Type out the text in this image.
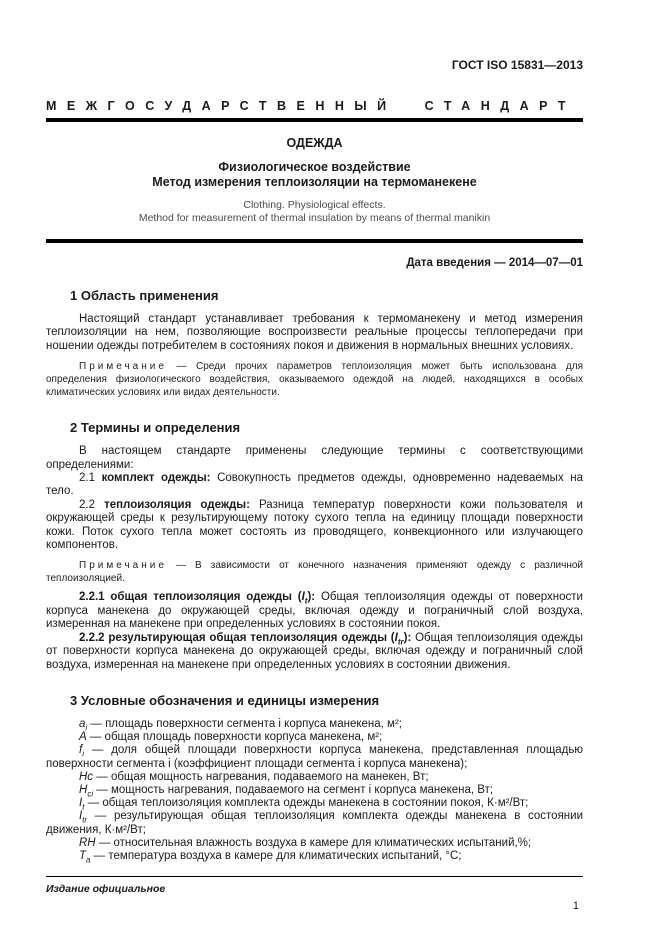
ГОСТ ISO 15831—2013
МЕЖГОСУДАРСТВЕННЫЙ СТАНДАРТ
ОДЕЖДА
Физиологическое воздействие
Метод измерения теплоизоляции на термоманекене
Clothing. Physiological effects.
Method for measurement of thermal insulation by means of thermal manikin
Дата введения — 2014—07—01
1 Область применения

Настоящий стандарт устанавливает требования к термоманекену и метод измерения теплоизоляции на нем, позволяющие воспроизвести реальные процессы теплопередачи при ношении одежды потребителем в состояниях покоя и движения в нормальных внешних условиях.

Примечание — Среди прочих параметров теплоизоляция может быть использована для определения физиологического воздействия, оказываемого одеждой на людей, находящихся в особых климатических условиях или видах деятельности.

2 Термины и определения

В настоящем стандарте применены следующие термины с соответствующими определениями:

2.1 комплект одежды: Совокупность предметов одежды, одновременно надеваемых на тело.

2.2 теплоизоляция одежды: Разница температур поверхности кожи пользователя и окружающей среды к результирующему потоку сухого тепла на единицу площади поверхности кожи. Поток сухого тепла может состоять из проводящего, конвекционного или излучающего компонентов.

Примечание — В зависимости от конечного назначения применяют одежду с различной теплоизоляцией.

2.2.1 общая теплоизоляция одежды $(I_t)$: Общая теплоизоляция одежды от поверхности корпуса манекена до окружающей среды, включая одежду и пограничный слой воздуха, измеренная на манекене при определенных условиях в состоянии покоя.

2.2.2 результирующая общая теплоизоляция одежды $(I_{tr})$: Общая теплоизоляция одежды от поверхности корпуса манекена до окружающей среды, включая одежду и пограничный слой воздуха, измеренная на манекене при определенных условиях в состоянии движения.

3 Условные обозначения и единицы измерения

$a_i$ — площадь поверхности сегмента i корпуса манекена, м²;

A — общая площадь поверхности корпуса манекена, м²;

$f_i$ — доля общей площади поверхности корпуса манекена, представленная площадью поверхности сегмента i (коэффициент площади сегмента i корпуса манекена);

Hc — общая мощность нагревания, подаваемого на манекен, Вт;

$H_{ci}$ — мощность нагревания, подаваемого на сегмент i корпуса манекена, Вт;

$I_t$ — общая теплоизоляция комплекта одежды манекена в состоянии покоя, К·м²/Вт;

$I_{tr}$ — результирующая общая теплоизоляция комплекта одежды манекена в состоянии движения, К·м²/Вт;

RH — относительная влажность воздуха в камере для климатических испытаний,%;

$T_a$ — температура воздуха в камере для климатических испытаний, °С;

Издание официальное
1
